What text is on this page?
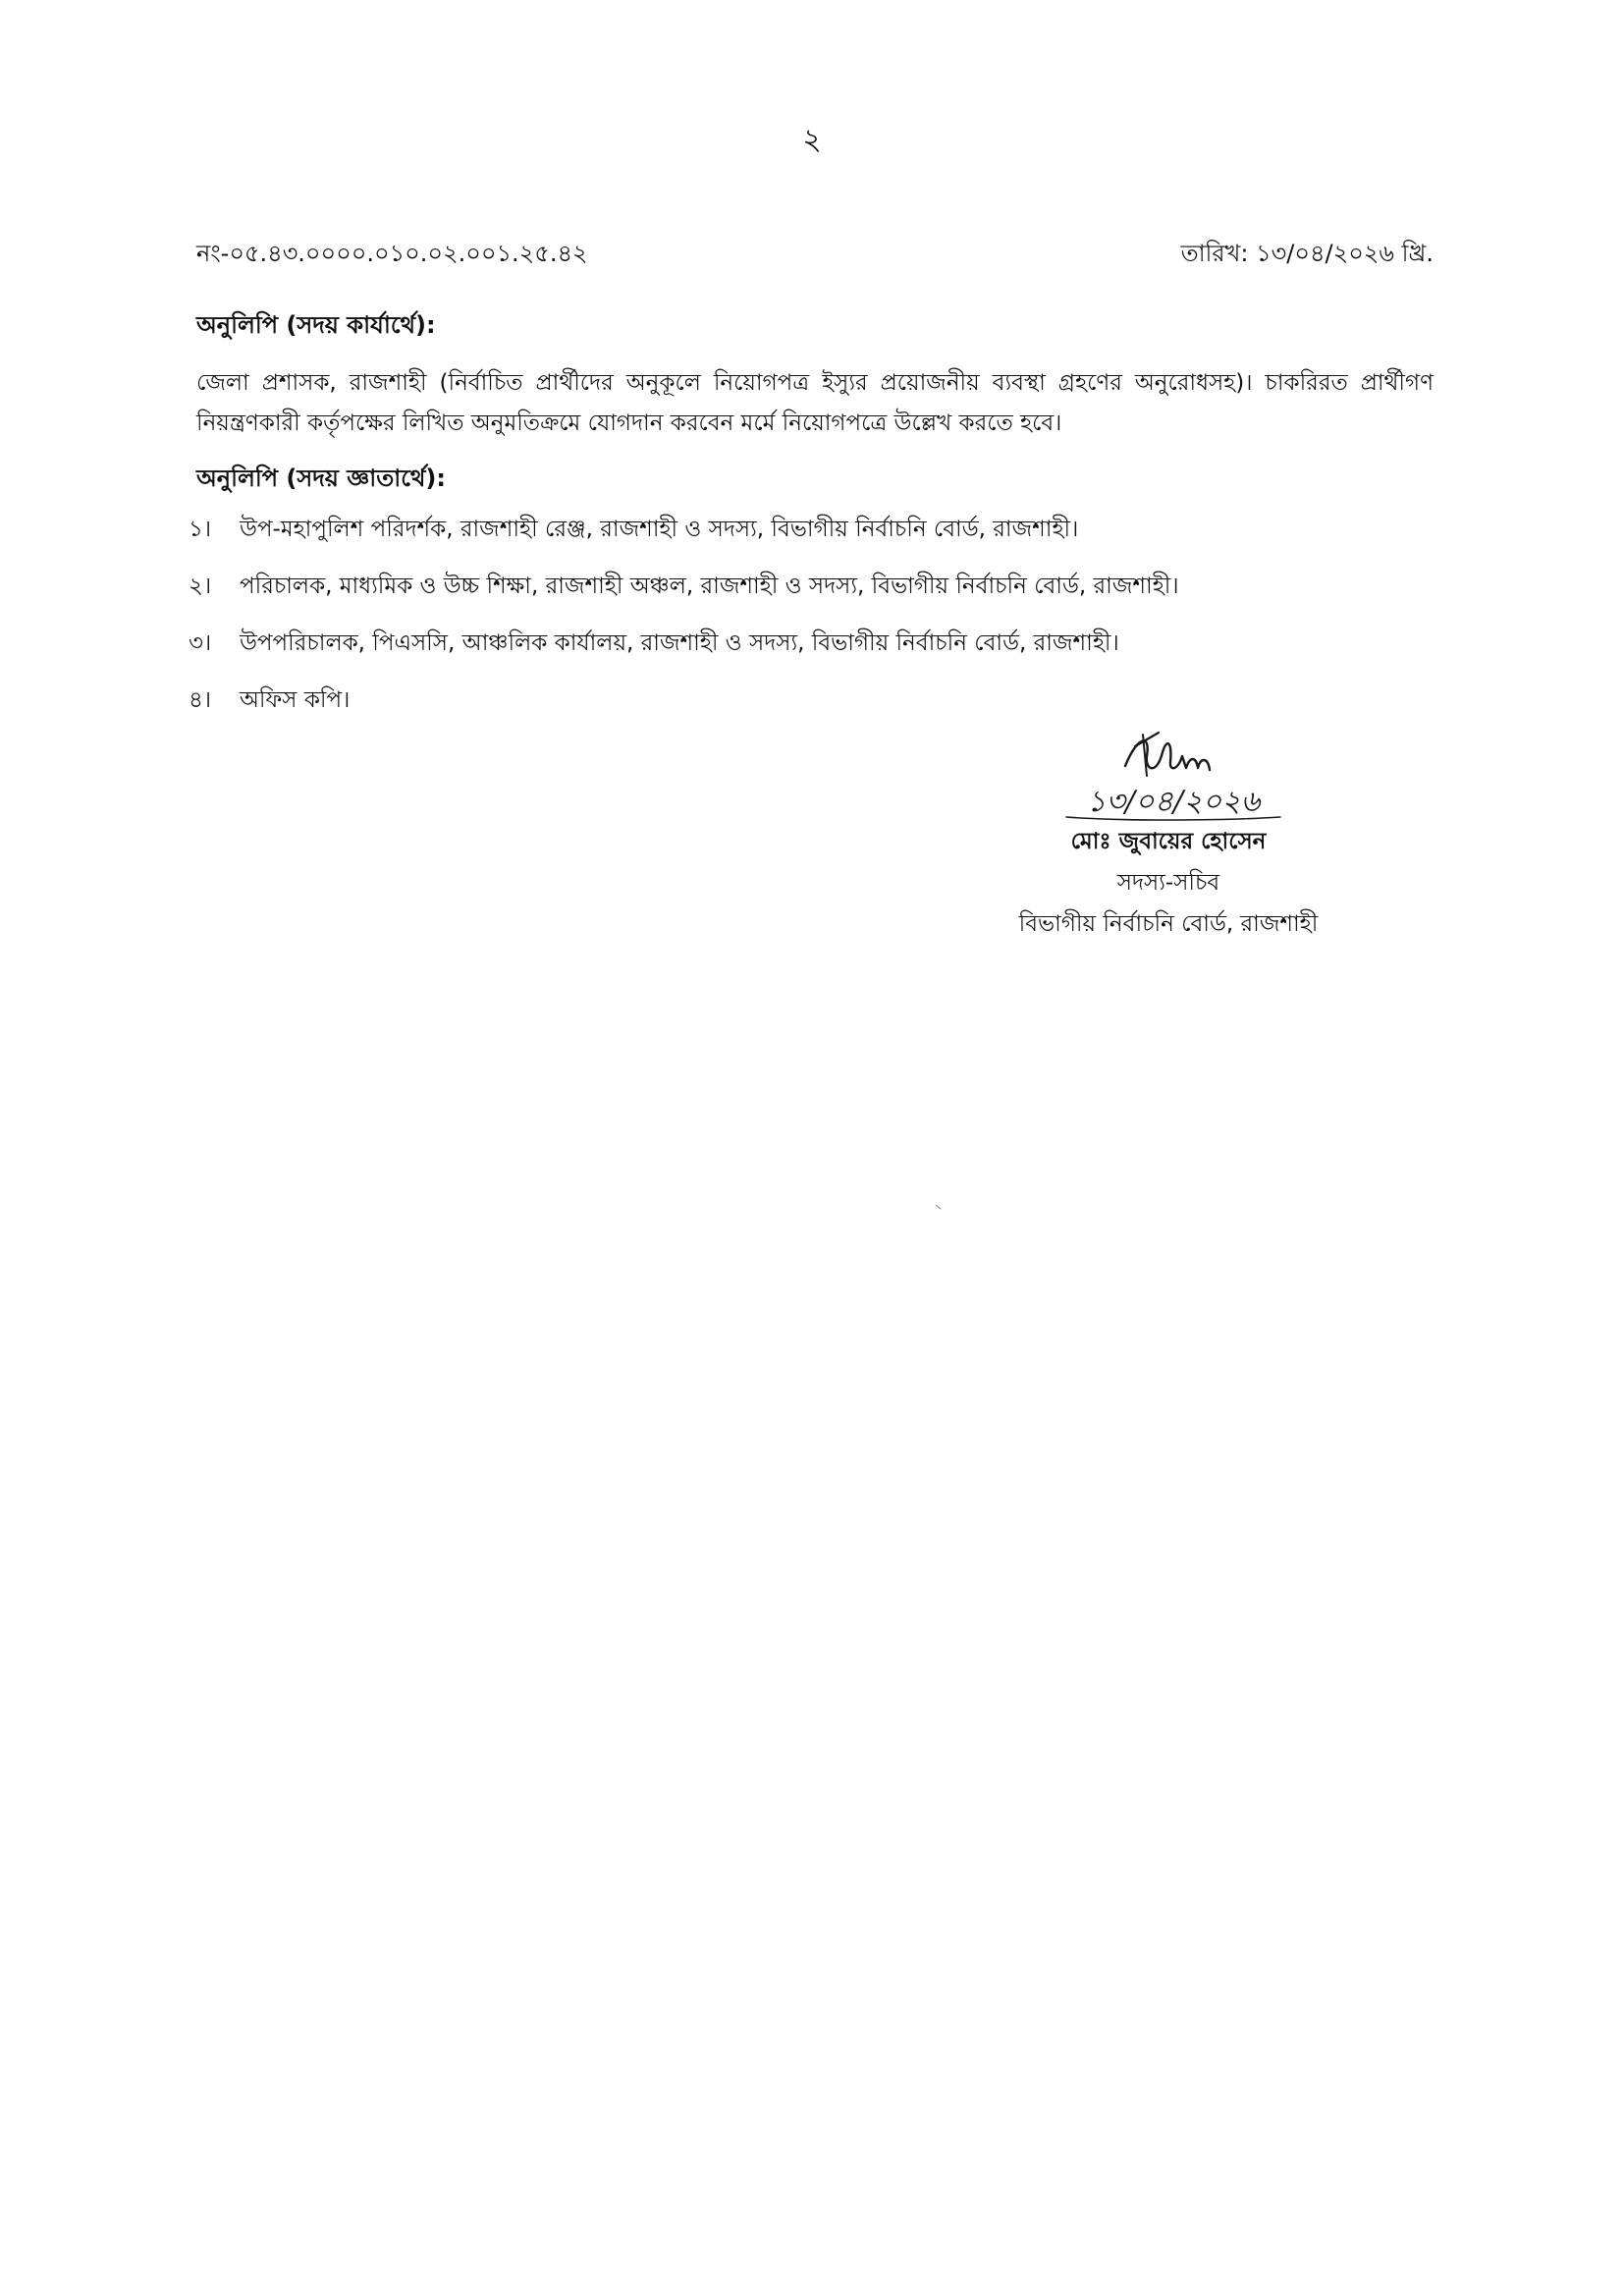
২
নং-০৫.৪৩.০০০০.০১০.০২.০০১.২৫.৪২	তারিখ: ১৩/০৪/২০২৬ খ্রি.
অনুলিপি (সদয় কার্যার্থে):
জেলা প্রশাসক, রাজশাহী (নির্বাচিত প্রার্থীদের অনুকূলে নিয়োগপত্র ইস্যুর প্রয়োজনীয় ব্যবস্থা গ্রহণের অনুরোধসহ)। চাকরিরত প্রার্থীগণ নিয়ন্ত্রণকারী কর্তৃপক্ষের লিখিত অনুমতিক্রমে যোগদান করবেন মর্মে নিয়োগপত্রে উল্লেখ করতে হবে।
অনুলিপি (সদয় জ্ঞাতার্থে):
১।	উপ-মহাপুলিশ পরিদর্শক, রাজশাহী রেঞ্জ, রাজশাহী ও সদস্য, বিভাগীয় নির্বাচনি বোর্ড, রাজশাহী।
২।	পরিচালক, মাধ্যমিক ও উচ্চ শিক্ষা, রাজশাহী অঞ্চল, রাজশাহী ও সদস্য, বিভাগীয় নির্বাচনি বোর্ড, রাজশাহী।
৩।	উপপরিচালক, পিএসসি, আঞ্চলিক কার্যালয়, রাজশাহী ও সদস্য, বিভাগীয় নির্বাচনি বোর্ড, রাজশাহী।
৪।	অফিস কপি।
১৩/০৪/২০২৬
মোঃ জুবায়ের হোসেন
সদস্য-সচিব
বিভাগীয় নির্বাচনি বোর্ড, রাজশাহী
